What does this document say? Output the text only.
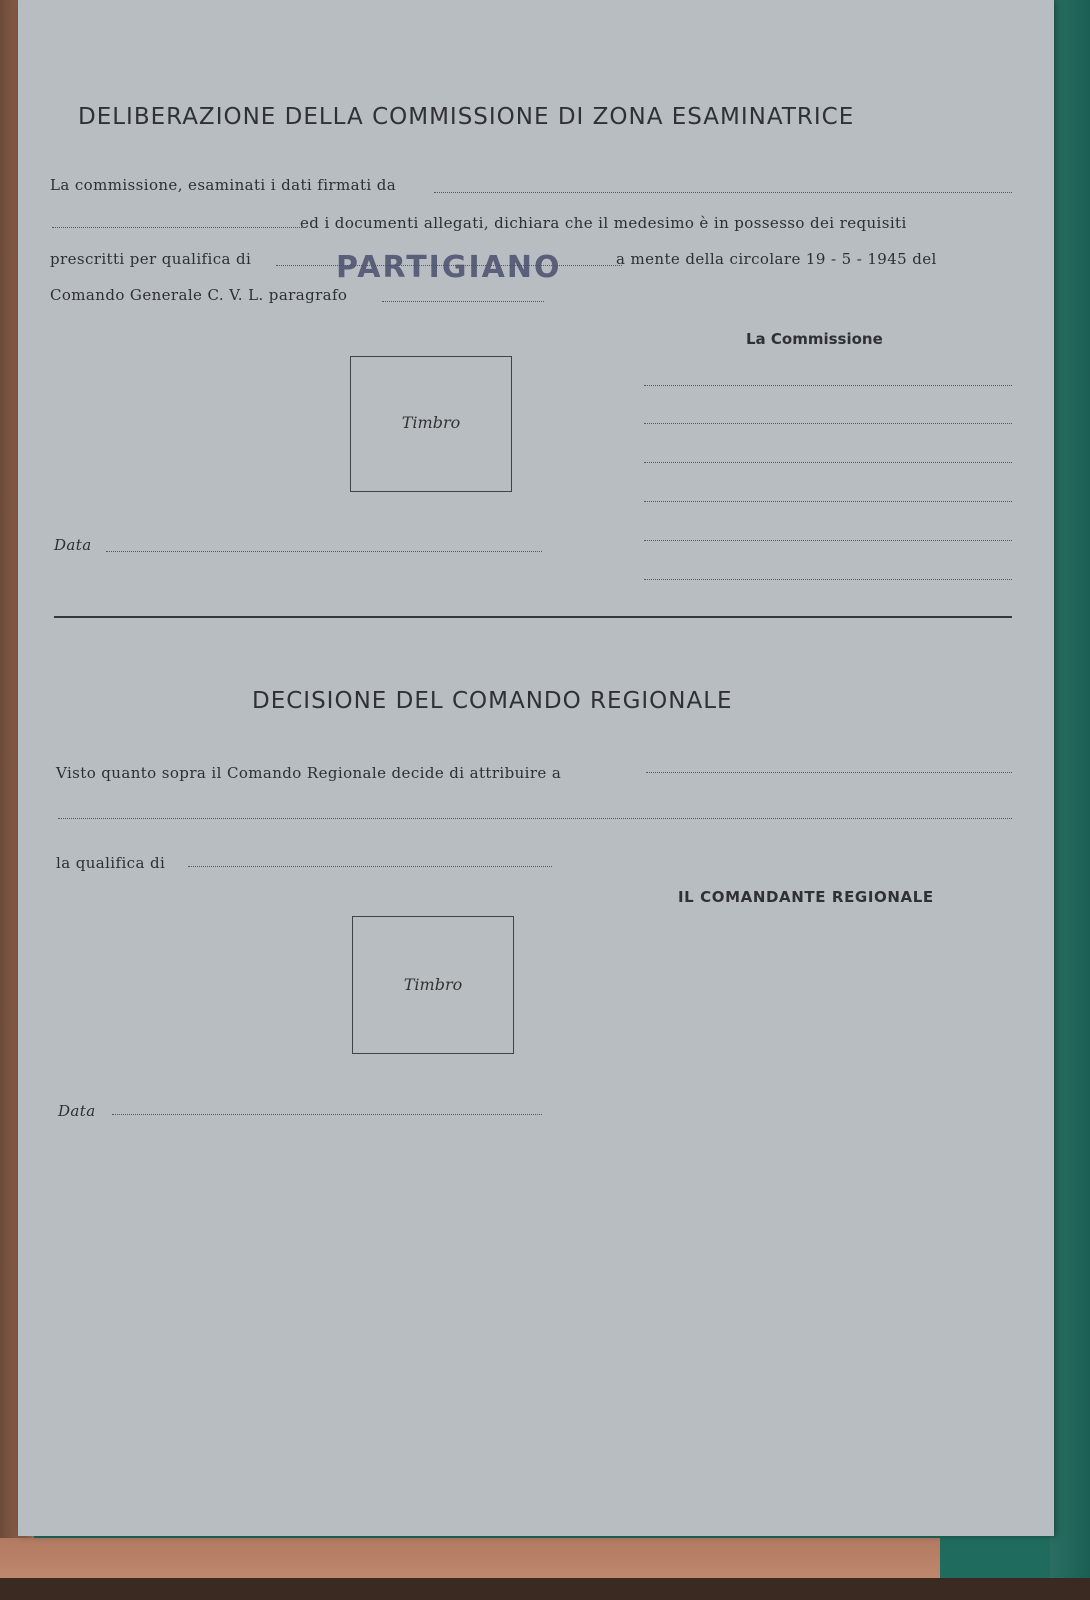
DELIBERAZIONE DELLA COMMISSIONE DI ZONA ESAMINATRICE
La commissione, esaminati i dati firmati da
ed i documenti allegati, dichiara che il medesimo è in possesso dei requisiti
prescritti per qualifica di	a mente della circolare 19 - 5 - 1945 del
Comando Generale C. V. L. paragrafo
PARTIGIANO
La Commissione
Timbro
Data
DECISIONE DEL COMANDO REGIONALE
Visto quanto sopra il Comando Regionale decide di attribuire a
la qualifica di
IL COMANDANTE REGIONALE
Timbro
Data
